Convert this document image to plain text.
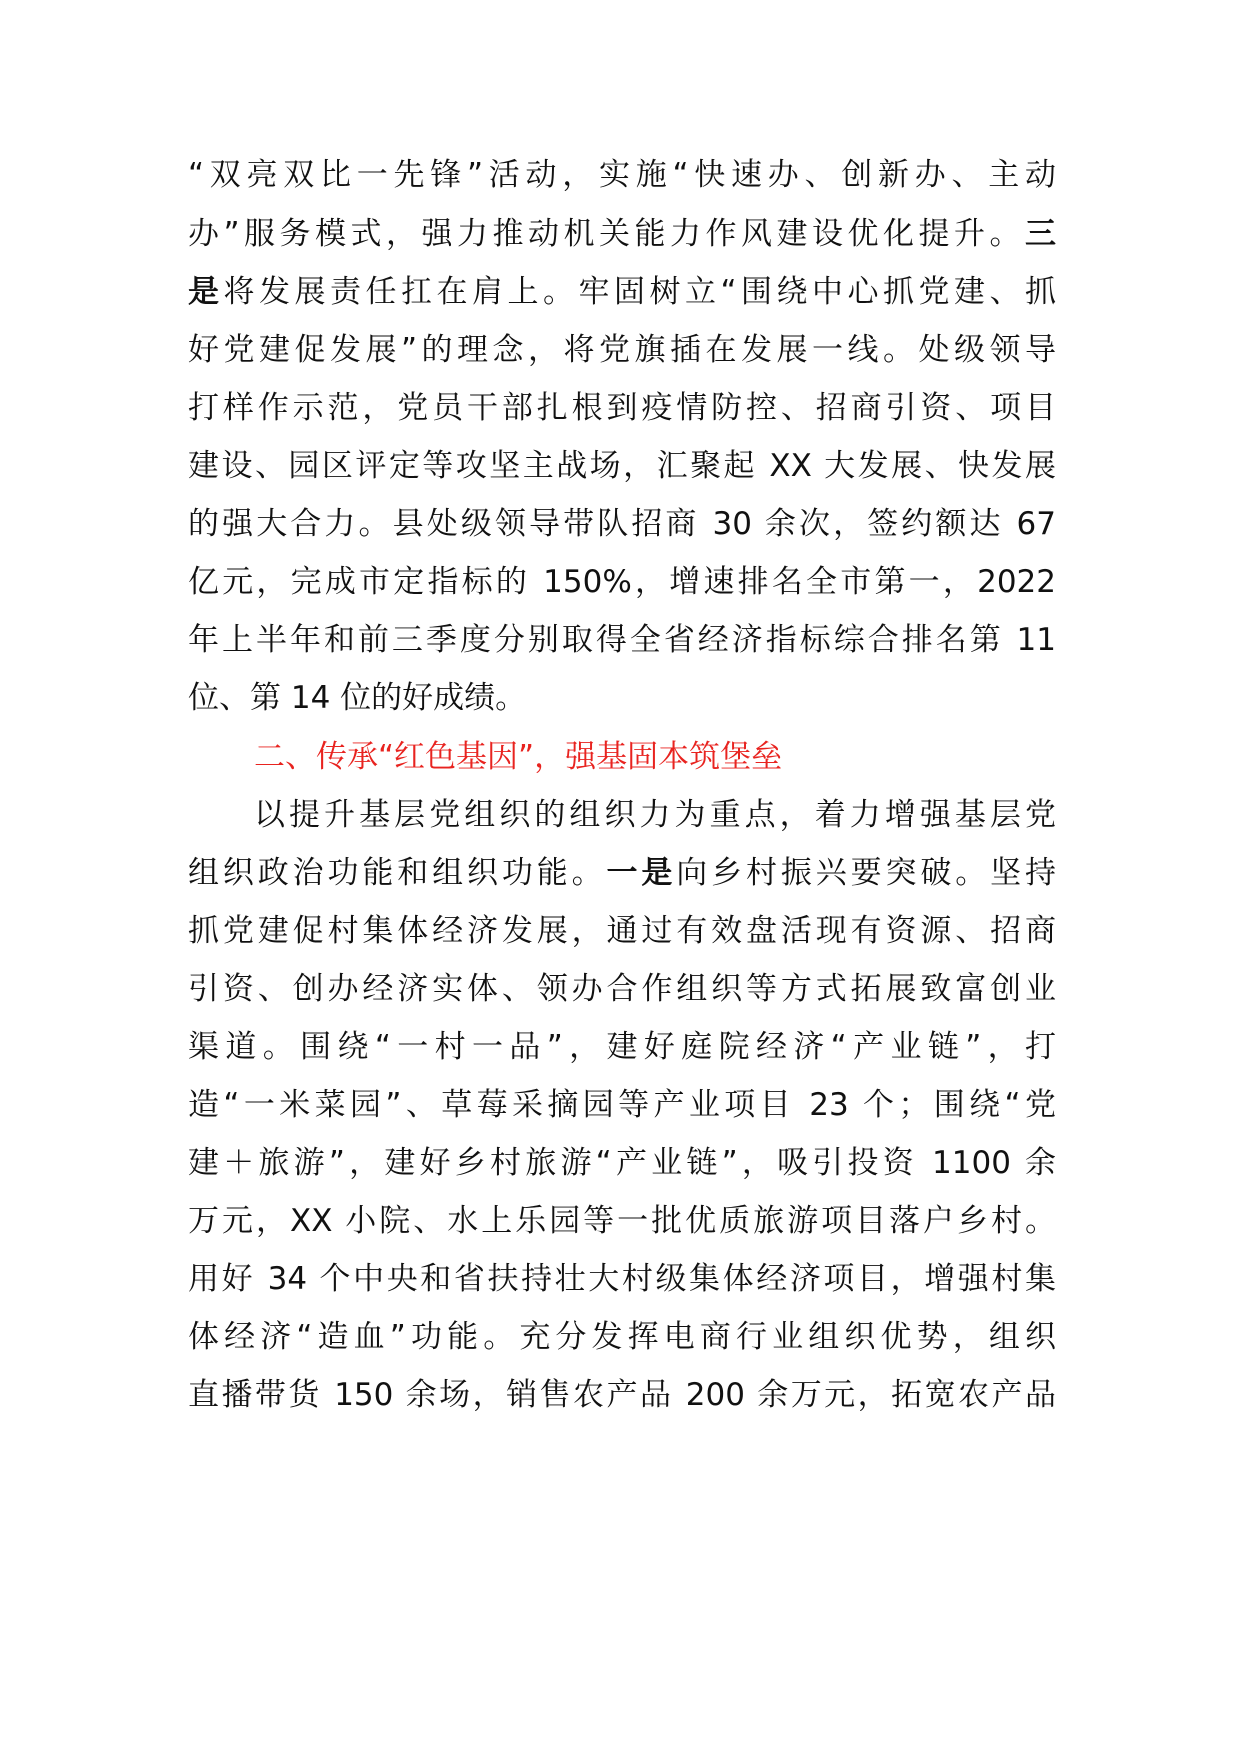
“双亮双比一先锋”活动，实施“快速办、创新办、主动
办”服务模式，强力推动机关能力作风建设优化提升。三
是将发展责任扛在肩上。牢固树立“围绕中心抓党建、抓
好党建促发展”的理念，将党旗插在发展一线。处级领导
打样作示范，党员干部扎根到疫情防控、招商引资、项目
建设、园区评定等攻坚主战场，汇聚起 XX 大发展、快发展
的强大合力。县处级领导带队招商 30 余次，签约额达 67
亿元，完成市定指标的 150%，增速排名全市第一，2022
年上半年和前三季度分别取得全省经济指标综合排名第 11
位、第 14 位的好成绩。
二、传承“红色基因”，强基固本筑堡垒
以提升基层党组织的组织力为重点，着力增强基层党
组织政治功能和组织功能。一是向乡村振兴要突破。坚持
抓党建促村集体经济发展，通过有效盘活现有资源、招商
引资、创办经济实体、领办合作组织等方式拓展致富创业
渠道。围绕“一村一品”，建好庭院经济“产业链”，打
造“一米菜园”、草莓采摘园等产业项目 23 个；围绕“党
建＋旅游”，建好乡村旅游“产业链”，吸引投资 1100 余
万元，XX 小院、水上乐园等一批优质旅游项目落户乡村。
用好 34 个中央和省扶持壮大村级集体经济项目，增强村集
体经济“造血”功能。充分发挥电商行业组织优势，组织
直播带货 150 余场，销售农产品 200 余万元，拓宽农产品
